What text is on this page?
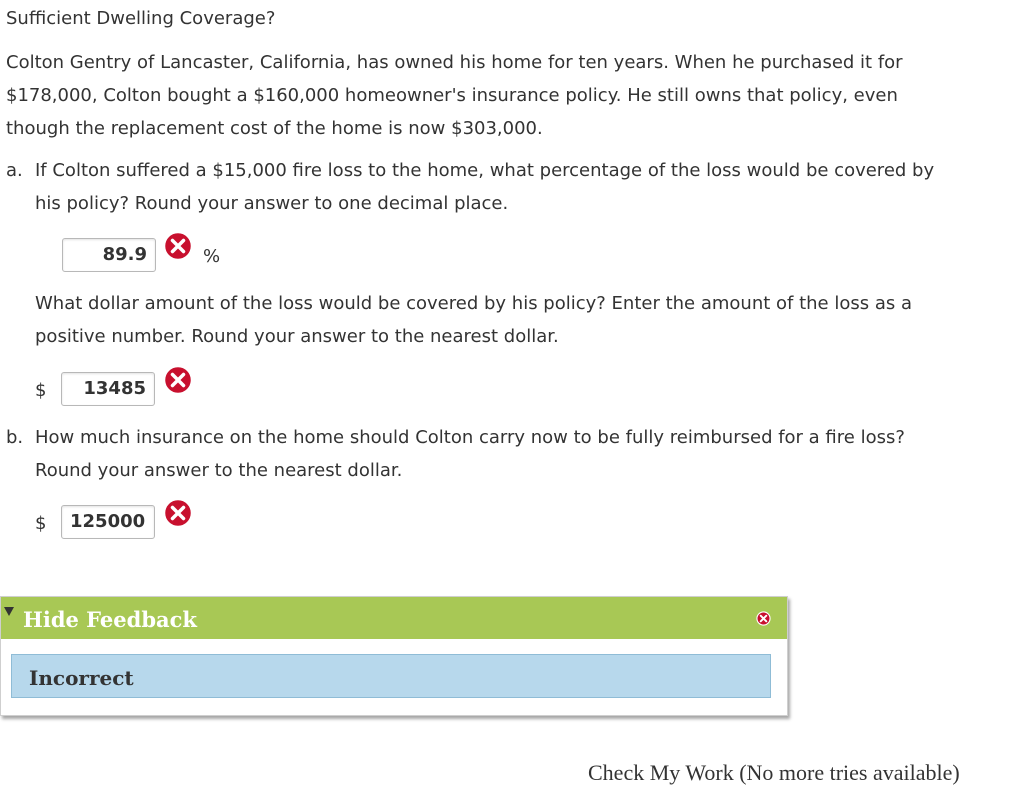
Sufficient Dwelling Coverage?
Colton Gentry of Lancaster, California, has owned his home for ten years. When he purchased it for
$178,000, Colton bought a $160,000 homeowner's insurance policy. He still owns that policy, even
though the replacement cost of the home is now $303,000.
a. If Colton suffered a $15,000 fire loss to the home, what percentage of the loss would be covered by
his policy? Round your answer to one decimal place.
89.9	%
What dollar amount of the loss would be covered by his policy? Enter the amount of the loss as a
positive number. Round your answer to the nearest dollar.
$	13485
b. How much insurance on the home should Colton carry now to be fully reimbursed for a fire loss?
Round your answer to the nearest dollar.
$	125000
Hide Feedback
Incorrect
Check My Work (No more tries available)
